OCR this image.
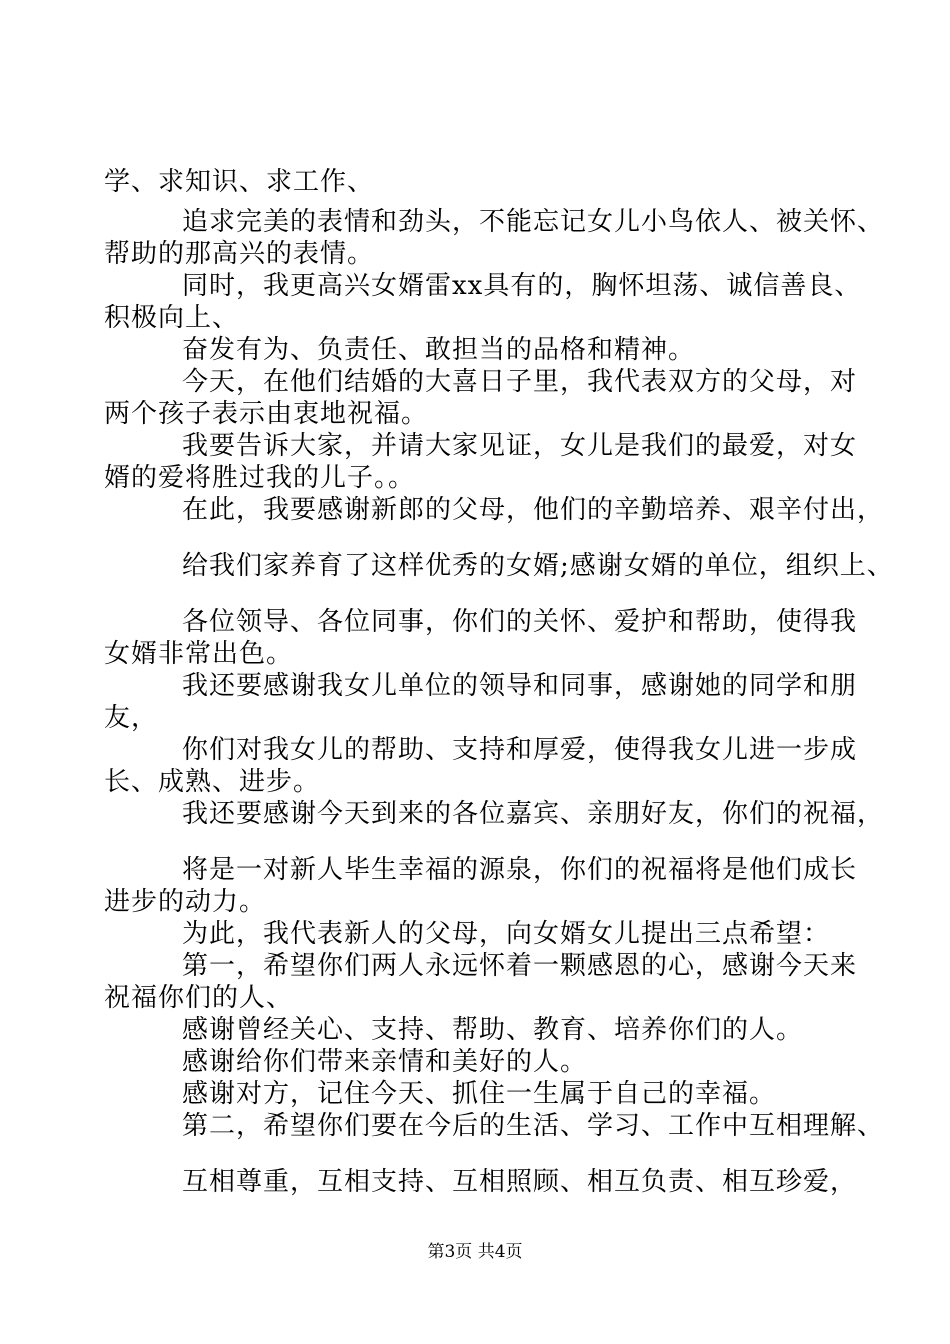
学、求知识、求工作、
追求完美的表情和劲头，不能忘记女儿小鸟依人、被关怀、
帮助的那高兴的表情。
同时，我更高兴女婿雷xx具有的，胸怀坦荡、诚信善良、
积极向上、
奋发有为、负责任、敢担当的品格和精神。
今天，在他们结婚的大喜日子里，我代表双方的父母，对
两个孩子表示由衷地祝福。
我要告诉大家，并请大家见证，女儿是我们的最爱，对女
婿的爱将胜过我的儿子。。
在此，我要感谢新郎的父母，他们的辛勤培养、艰辛付出，
给我们家养育了这样优秀的女婿;感谢女婿的单位，组织上、
各位领导、各位同事，你们的关怀、爱护和帮助，使得我
女婿非常出色。
我还要感谢我女儿单位的领导和同事，感谢她的同学和朋
友，
你们对我女儿的帮助、支持和厚爱，使得我女儿进一步成
长、成熟、进步。
我还要感谢今天到来的各位嘉宾、亲朋好友，你们的祝福，
将是一对新人毕生幸福的源泉，你们的祝福将是他们成长
进步的动力。
为此，我代表新人的父母，向女婿女儿提出三点希望：
第一，希望你们两人永远怀着一颗感恩的心，感谢今天来
祝福你们的人、
感谢曾经关心、支持、帮助、教育、培养你们的人。
感谢给你们带来亲情和美好的人。
感谢对方，记住今天、抓住一生属于自己的幸福。
第二，希望你们要在今后的生活、学习、工作中互相理解、
互相尊重，互相支持、互相照顾、相互负责、相互珍爱，
第3页 共4页
